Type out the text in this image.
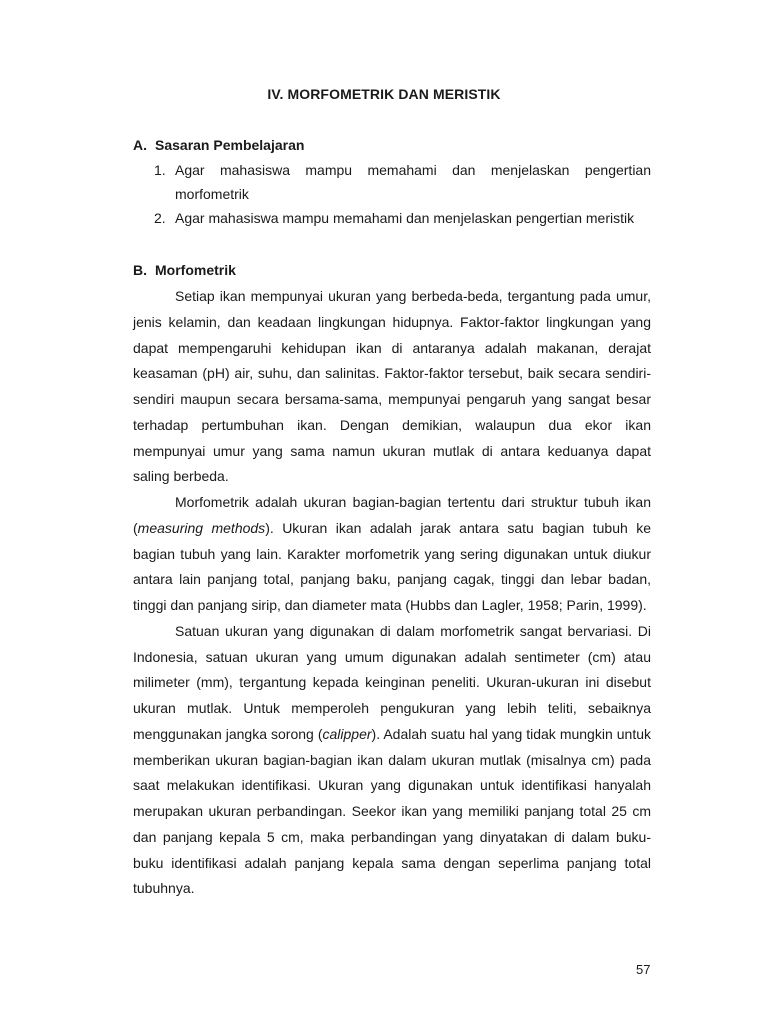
IV. MORFOMETRIK DAN MERISTIK
A. Sasaran Pembelajaran
1. Agar mahasiswa mampu memahami dan menjelaskan pengertian morfometrik
2. Agar mahasiswa mampu memahami dan menjelaskan pengertian meristik
B. Morfometrik

Setiap ikan mempunyai ukuran yang berbeda-beda, tergantung pada umur, jenis kelamin, dan keadaan lingkungan hidupnya. Faktor-faktor lingkungan yang dapat mempengaruhi kehidupan ikan di antaranya adalah makanan, derajat keasaman (pH) air, suhu, dan salinitas. Faktor-faktor tersebut, baik secara sendiri-sendiri maupun secara bersama-sama, mempunyai pengaruh yang sangat besar terhadap pertumbuhan ikan. Dengan demikian, walaupun dua ekor ikan mempunyai umur yang sama namun ukuran mutlak di antara keduanya dapat saling berbeda.

Morfometrik adalah ukuran bagian-bagian tertentu dari struktur tubuh ikan (measuring methods). Ukuran ikan adalah jarak antara satu bagian tubuh ke bagian tubuh yang lain. Karakter morfometrik yang sering digunakan untuk diukur antara lain panjang total, panjang baku, panjang cagak, tinggi dan lebar badan, tinggi dan panjang sirip, dan diameter mata (Hubbs dan Lagler, 1958; Parin, 1999).

Satuan ukuran yang digunakan di dalam morfometrik sangat bervariasi. Di Indonesia, satuan ukuran yang umum digunakan adalah sentimeter (cm) atau milimeter (mm), tergantung kepada keinginan peneliti. Ukuran-ukuran ini disebut ukuran mutlak. Untuk memperoleh pengukuran yang lebih teliti, sebaiknya menggunakan jangka sorong (calipper). Adalah suatu hal yang tidak mungkin untuk memberikan ukuran bagian-bagian ikan dalam ukuran mutlak (misalnya cm) pada saat melakukan identifikasi. Ukuran yang digunakan untuk identifikasi hanyalah merupakan ukuran perbandingan. Seekor ikan yang memiliki panjang total 25 cm dan panjang kepala 5 cm, maka perbandingan yang dinyatakan di dalam buku-buku identifikasi adalah panjang kepala sama dengan seperlima panjang total tubuhnya.

57
